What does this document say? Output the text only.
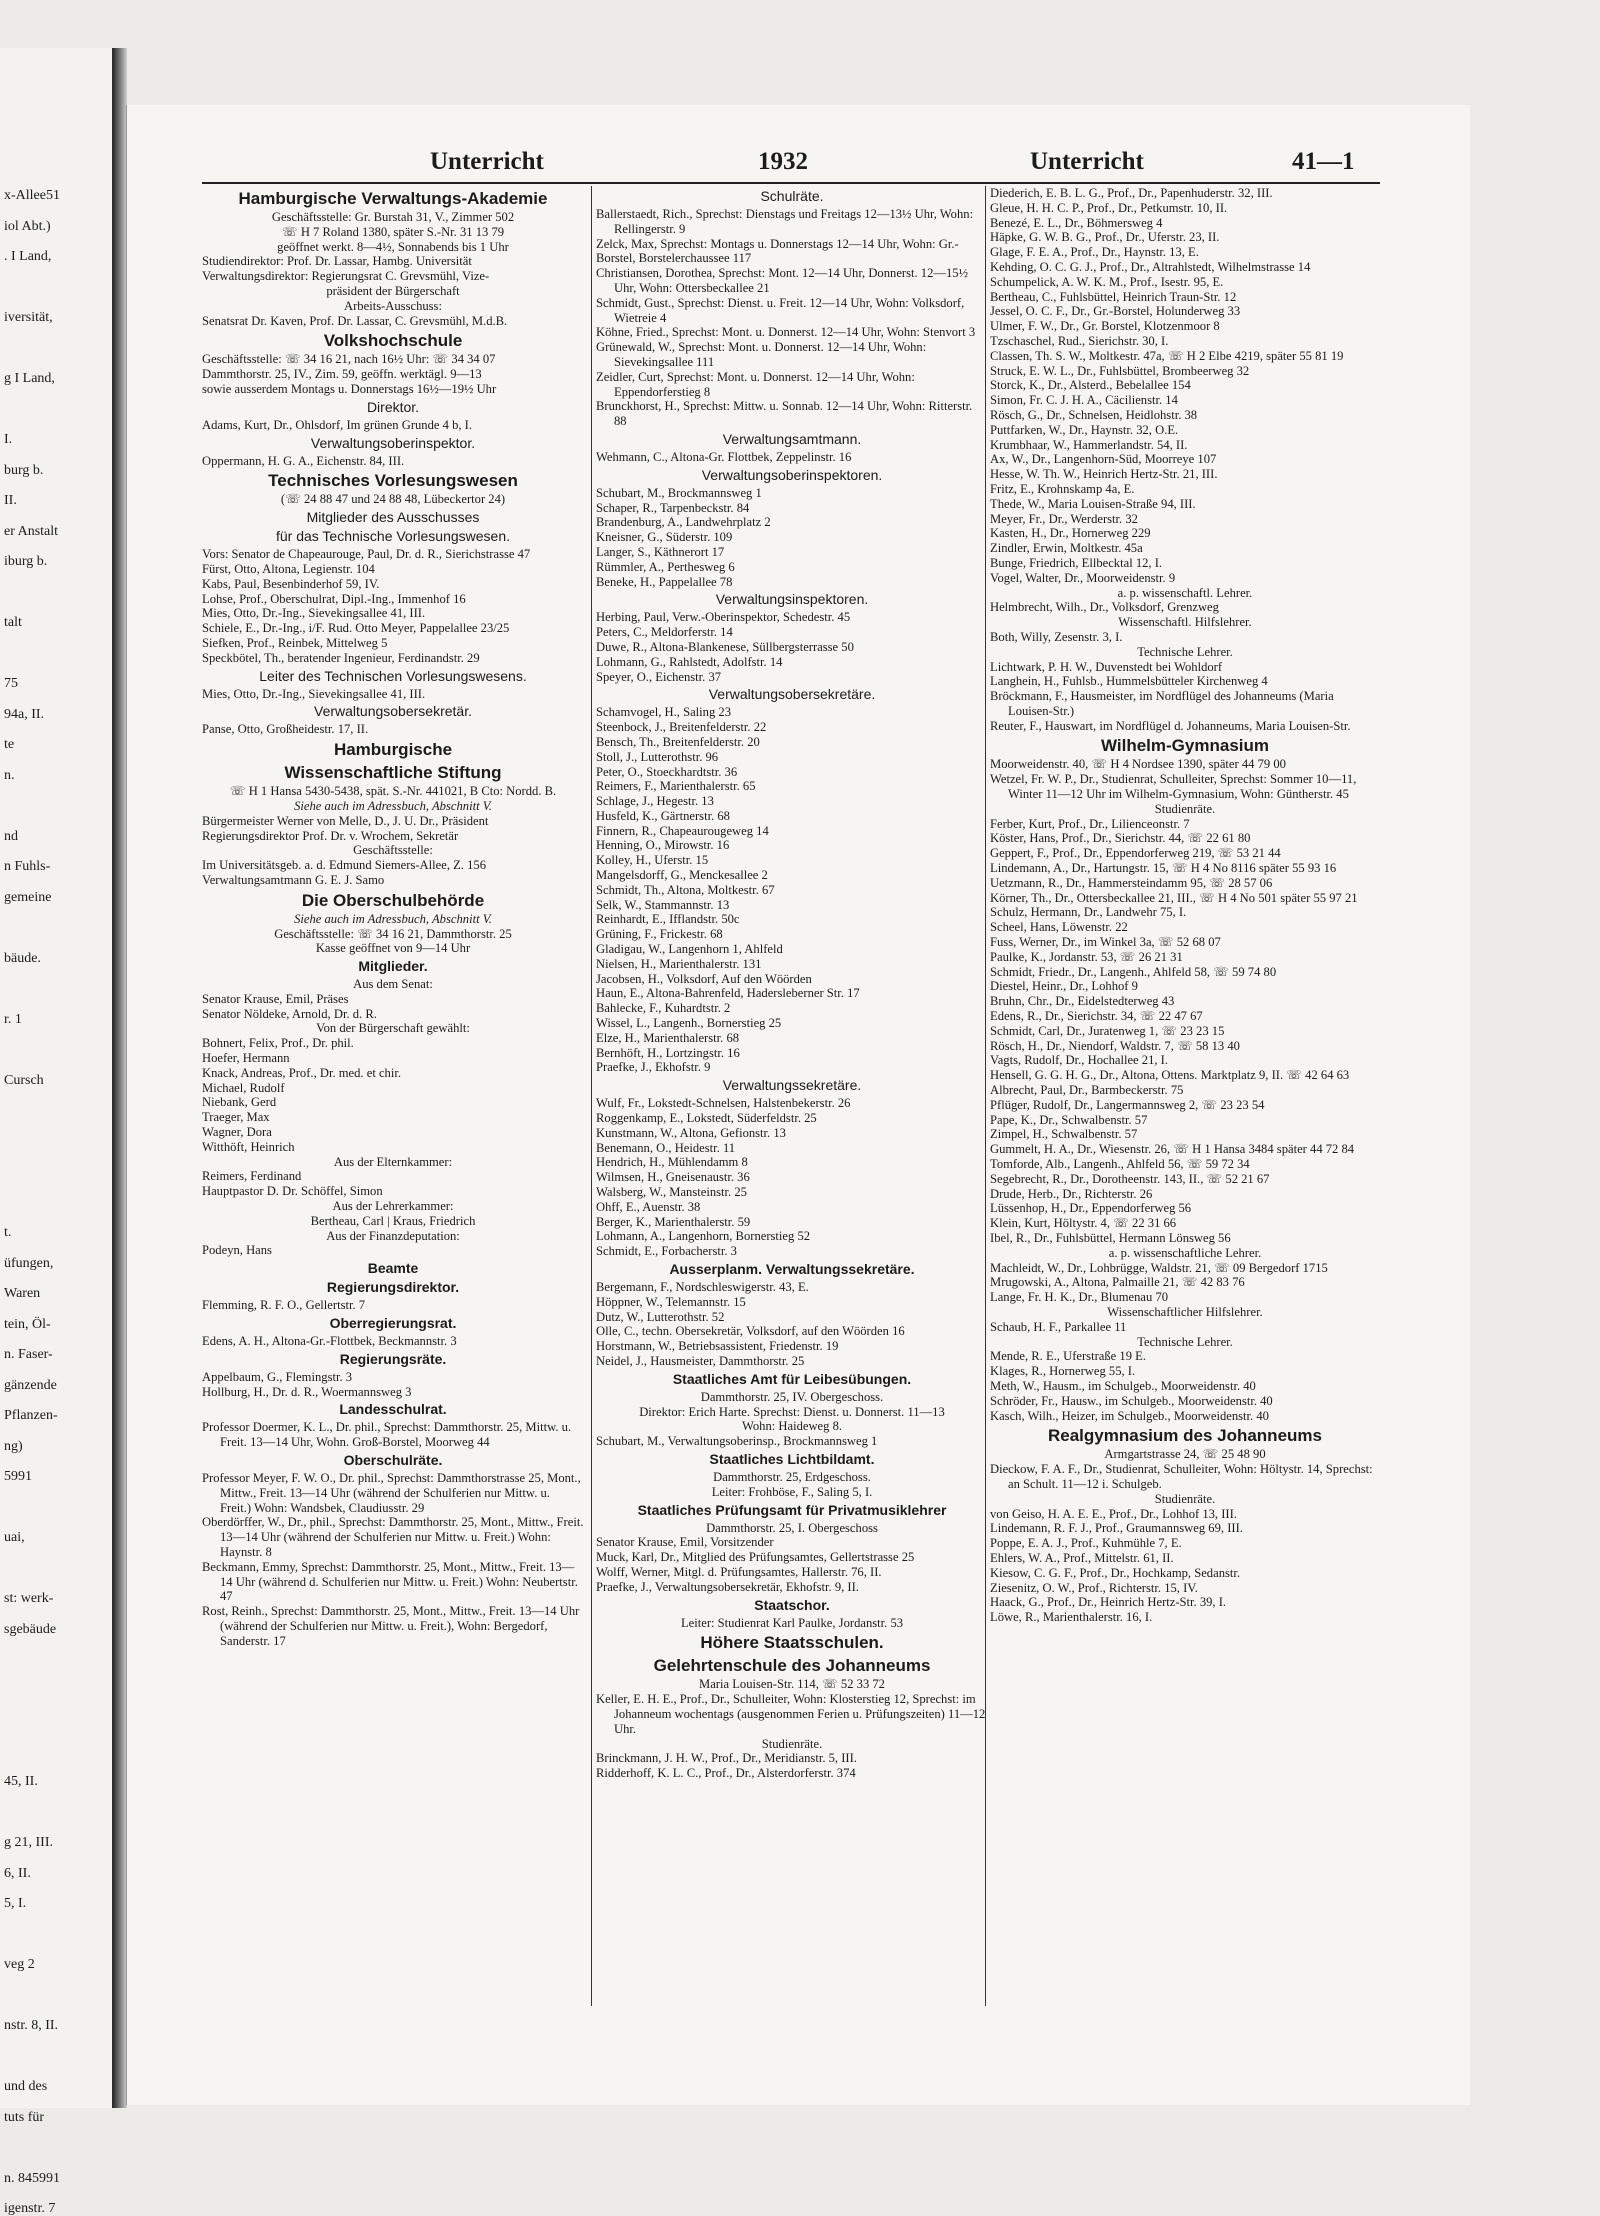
x-Allee51
iol Abt.)
. I Land,
iversität,
g I Land,
I.
burg b.
II.
er Anstalt
iburg b.
talt
75
94a, II.
te
n.
nd
n Fuhls-
gemeine
bäude.
r. 1
Cursch
t.
üfungen,
Waren
tein, Öl-
n. Faser-
gänzende
Pflanzen-
ng)
5991
uai,
st: werk-
sgebäude
45, II.
g 21, III.
6, II.
5, I.
veg 2
nstr. 8, II.
und des
tuts für
n. 845991
igenstr. 7
Unterricht	1932	Unterricht	41—1

Hamburgische Verwaltungs-Akademie

Geschäftsstelle: Gr. Burstah 31, V., Zimmer 502

☏ H 7 Roland 1380, später S.-Nr. 31 13 79

geöffnet werkt. 8—4½, Sonnabends bis 1 Uhr

Studiendirektor: Prof. Dr. Lassar, Hambg. Universität

Verwaltungsdirektor: Regierungsrat C. Grevsmühl, Vize-

präsident der Bürgerschaft

Arbeits-Ausschuss:

Senatsrat Dr. Kaven, Prof. Dr. Lassar, C. Grevsmühl, M.d.B.

Volkshochschule

Geschäftsstelle: ☏ 34 16 21, nach 16½ Uhr: ☏ 34 34 07

Dammthorstr. 25, IV., Zim. 59, geöffn. werktägl. 9—13

sowie ausserdem Montags u. Donnerstags 16½—19½ Uhr

Direktor.

Adams, Kurt, Dr., Ohlsdorf, Im grünen Grunde 4 b, I.

Verwaltungsoberinspektor.

Oppermann, H. G. A., Eichenstr. 84, III.

Technisches Vorlesungswesen

(☏ 24 88 47 und 24 88 48, Lübeckertor 24)

Mitglieder des Ausschusses

für das Technische Vorlesungswesen.

Vors: Senator de Chapeaurouge, Paul, Dr. d. R., Sierichstrasse 47

Fürst, Otto, Altona, Legienstr. 104

Kabs, Paul, Besenbinderhof 59, IV.

Lohse, Prof., Oberschulrat, Dipl.-Ing., Immenhof 16

Mies, Otto, Dr.-Ing., Sievekingsallee 41, III.

Schiele, E., Dr.-Ing., i/F. Rud. Otto Meyer, Pappelallee 23/25

Siefken, Prof., Reinbek, Mittelweg 5

Speckbötel, Th., beratender Ingenieur, Ferdinandstr. 29

Leiter des Technischen Vorlesungswesens.

Mies, Otto, Dr.-Ing., Sievekingsallee 41, III.

Verwaltungsobersekretär.

Panse, Otto, Großheidestr. 17, II.

Hamburgische

Wissenschaftliche Stiftung

☏ H 1 Hansa 5430-5438, spät. S.-Nr. 441021, B Cto: Nordd. B.

Siehe auch im Adressbuch, Abschnitt V.

Bürgermeister Werner von Melle, D., J. U. Dr., Präsident

Regierungsdirektor Prof. Dr. v. Wrochem, Sekretär

Geschäftsstelle:

Im Universitätsgeb. a. d. Edmund Siemers-Allee, Z. 156

Verwaltungsamtmann G. E. J. Samo

Die Oberschulbehörde

Siehe auch im Adressbuch, Abschnitt V.

Geschäftsstelle: ☏ 34 16 21, Dammthorstr. 25

Kasse geöffnet von 9—14 Uhr

Mitglieder.

Aus dem Senat:

Senator Krause, Emil, Präses

Senator Nöldeke, Arnold, Dr. d. R.

Von der Bürgerschaft gewählt:

Bohnert, Felix, Prof., Dr. phil.

Hoefer, Hermann

Knack, Andreas, Prof., Dr. med. et chir.

Michael, Rudolf

Niebank, Gerd

Traeger, Max

Wagner, Dora

Witthöft, Heinrich

Aus der Elternkammer:

Reimers, Ferdinand

Hauptpastor D. Dr. Schöffel, Simon

Aus der Lehrerkammer:

Bertheau, Carl | Kraus, Friedrich

Aus der Finanzdeputation:

Podeyn, Hans

Beamte

Regierungsdirektor.

Flemming, R. F. O., Gellertstr. 7

Oberregierungsrat.

Edens, A. H., Altona-Gr.-Flottbek, Beckmannstr. 3

Regierungsräte.

Appelbaum, G., Flemingstr. 3

Hollburg, H., Dr. d. R., Woermannsweg 3

Landesschulrat.

Professor Doermer, K. L., Dr. phil., Sprechst: Dammthorstr. 25, Mittw. u. Freit. 13—14 Uhr, Wohn. Groß-Borstel, Moorweg 44

Oberschulräte.

Professor Meyer, F. W. O., Dr. phil., Sprechst: Dammthorstrasse 25, Mont., Mittw., Freit. 13—14 Uhr (während der Schulferien nur Mittw. u. Freit.) Wohn: Wandsbek, Claudiusstr. 29

Oberdörffer, W., Dr., phil., Sprechst: Dammthorstr. 25, Mont., Mittw., Freit. 13—14 Uhr (während der Schulferien nur Mittw. u. Freit.) Wohn: Haynstr. 8

Beckmann, Emmy, Sprechst: Dammthorstr. 25, Mont., Mittw., Freit. 13—14 Uhr (während d. Schulferien nur Mittw. u. Freit.) Wohn: Neubertstr. 47

Rost, Reinh., Sprechst: Dammthorstr. 25, Mont., Mittw., Freit. 13—14 Uhr (während der Schulferien nur Mittw. u. Freit.), Wohn: Bergedorf, Sanderstr. 17

Schulräte.

Ballerstaedt, Rich., Sprechst: Dienstags und Freitags 12—13½ Uhr, Wohn: Rellingerstr. 9

Zelck, Max, Sprechst: Montags u. Donnerstags 12—14 Uhr, Wohn: Gr.-Borstel, Borstelerchaussee 117

Christiansen, Dorothea, Sprechst: Mont. 12—14 Uhr, Donnerst. 12—15½ Uhr, Wohn: Ottersbeckallee 21

Schmidt, Gust., Sprechst: Dienst. u. Freit. 12—14 Uhr, Wohn: Volksdorf, Wietreie 4

Köhne, Fried., Sprechst: Mont. u. Donnerst. 12—14 Uhr, Wohn: Stenvort 3

Grünewald, W., Sprechst: Mont. u. Donnerst. 12—14 Uhr, Wohn: Sievekingsallee 111

Zeidler, Curt, Sprechst: Mont. u. Donnerst. 12—14 Uhr, Wohn: Eppendorferstieg 8

Brunckhorst, H., Sprechst: Mittw. u. Sonnab. 12—14 Uhr, Wohn: Ritterstr. 88

Verwaltungsamtmann.

Wehmann, C., Altona-Gr. Flottbek, Zeppelinstr. 16

Verwaltungsoberinspektoren.

Schubart, M., Brockmannsweg 1

Schaper, R., Tarpenbeckstr. 84

Brandenburg, A., Landwehrplatz 2

Kneisner, G., Süderstr. 109

Langer, S., Käthnerort 17

Rümmler, A., Perthesweg 6

Beneke, H., Pappelallee 78

Verwaltungsinspektoren.

Herbing, Paul, Verw.-Oberinspektor, Schedestr. 45

Peters, C., Meldorferstr. 14

Duwe, R., Altona-Blankenese, Süllbergsterrasse 50

Lohmann, G., Rahlstedt, Adolfstr. 14

Speyer, O., Eichenstr. 37

Verwaltungsobersekretäre.

Schamvogel, H., Saling 23

Steenbock, J., Breitenfelderstr. 22

Bensch, Th., Breitenfelderstr. 20

Stoll, J., Lutterothstr. 96

Peter, O., Stoeckhardtstr. 36

Reimers, F., Marienthalerstr. 65

Schlage, J., Hegestr. 13

Husfeld, K., Gärtnerstr. 68

Finnern, R., Chapeaurougeweg 14

Henning, O., Mirowstr. 16

Kolley, H., Uferstr. 15

Mangelsdorff, G., Menckesallee 2

Schmidt, Th., Altona, Moltkestr. 67

Selk, W., Stammannstr. 13

Reinhardt, E., Ifflandstr. 50c

Grüning, F., Frickestr. 68

Gladigau, W., Langenhorn 1, Ahlfeld

Nielsen, H., Marienthalerstr. 131

Jacobsen, H., Volksdorf, Auf den Wöörden

Haun, E., Altona-Bahrenfeld, Hadersleberner Str. 17

Bahlecke, F., Kuhardtstr. 2

Wissel, L., Langenh., Bornerstieg 25

Elze, H., Marienthalerstr. 68

Bernhöft, H., Lortzingstr. 16

Praefke, J., Ekhofstr. 9

Verwaltungssekretäre.

Wulf, Fr., Lokstedt-Schnelsen, Halstenbekerstr. 26

Roggenkamp, E., Lokstedt, Süderfeldstr. 25

Kunstmann, W., Altona, Gefionstr. 13

Benemann, O., Heidestr. 11

Hendrich, H., Mühlendamm 8

Wilmsen, H., Gneisenaustr. 36

Walsberg, W., Mansteinstr. 25

Ohff, E., Auenstr. 38

Berger, K., Marienthalerstr. 59

Lohmann, A., Langenhorn, Bornerstieg 52

Schmidt, E., Forbacherstr. 3

Ausserplanm. Verwaltungssekretäre.

Bergemann, F., Nordschleswigerstr. 43, E.

Höppner, W., Telemannstr. 15

Dutz, W., Lutterothstr. 52

Olle, C., techn. Obersekretär, Volksdorf, auf den Wöörden 16

Horstmann, W., Betriebsassistent, Friedenstr. 19

Neidel, J., Hausmeister, Dammthorstr. 25

Staatliches Amt für Leibesübungen.

Dammthorstr. 25, IV. Obergeschoss.

Direktor: Erich Harte. Sprechst: Dienst. u. Donnerst. 11—13

Wohn: Haideweg 8.

Schubart, M., Verwaltungsoberinsp., Brockmannsweg 1

Staatliches Lichtbildamt.

Dammthorstr. 25, Erdgeschoss.

Leiter: Frohböse, F., Saling 5, I.

Staatliches Prüfungsamt für Privatmusiklehrer

Dammthorstr. 25, I. Obergeschoss

Senator Krause, Emil, Vorsitzender

Muck, Karl, Dr., Mitglied des Prüfungsamtes, Gellertstrasse 25

Wolff, Werner, Mitgl. d. Prüfungsamtes, Hallerstr. 76, II.

Praefke, J., Verwaltungsobersekretär, Ekhofstr. 9, II.

Staatschor.

Leiter: Studienrat Karl Paulke, Jordanstr. 53

Höhere Staatsschulen.

Gelehrtenschule des Johanneums

Maria Louisen-Str. 114, ☏ 52 33 72

Keller, E. H. E., Prof., Dr., Schulleiter, Wohn: Klosterstieg 12, Sprechst: im Johanneum wochentags (ausgenommen Ferien u. Prüfungszeiten) 11—12 Uhr.

Studienräte.

Brinckmann, J. H. W., Prof., Dr., Meridianstr. 5, III.

Ridderhoff, K. L. C., Prof., Dr., Alsterdorferstr. 374

Diederich, E. B. L. G., Prof., Dr., Papenhuderstr. 32, III.

Gleue, H. H. C. P., Prof., Dr., Petkumstr. 10, II.

Benezé, E. L., Dr., Böhmersweg 4

Häpke, G. W. B. G., Prof., Dr., Uferstr. 23, II.

Glage, F. E. A., Prof., Dr., Haynstr. 13, E.

Kehding, O. C. G. J., Prof., Dr., Altrahlstedt, Wilhelmstrasse 14

Schumpelick, A. W. K. M., Prof., Isestr. 95, E.

Bertheau, C., Fuhlsbüttel, Heinrich Traun-Str. 12

Jessel, O. C. F., Dr., Gr.-Borstel, Holunderweg 33

Ulmer, F. W., Dr., Gr. Borstel, Klotzenmoor 8

Tzschaschel, Rud., Sierichstr. 30, I.

Classen, Th. S. W., Moltkestr. 47a, ☏ H 2 Elbe 4219, später 55 81 19

Struck, E. W. L., Dr., Fuhlsbüttel, Brombeerweg 32

Storck, K., Dr., Alsterd., Bebelallee 154

Simon, Fr. C. J. H. A., Cäcilienstr. 14

Rösch, G., Dr., Schnelsen, Heidlohstr. 38

Puttfarken, W., Dr., Haynstr. 32, O.E.

Krumbhaar, W., Hammerlandstr. 54, II.

Ax, W., Dr., Langenhorn-Süd, Moorreye 107

Hesse, W. Th. W., Heinrich Hertz-Str. 21, III.

Fritz, E., Krohnskamp 4a, E.

Thede, W., Maria Louisen-Straße 94, III.

Meyer, Fr., Dr., Werderstr. 32

Kasten, H., Dr., Hornerweg 229

Zindler, Erwin, Moltkestr. 45a

Bunge, Friedrich, Ellbecktal 12, I.

Vogel, Walter, Dr., Moorweidenstr. 9

a. p. wissenschaftl. Lehrer.

Helmbrecht, Wilh., Dr., Volksdorf, Grenzweg

Wissenschaftl. Hilfslehrer.

Both, Willy, Zesenstr. 3, I.

Technische Lehrer.

Lichtwark, P. H. W., Duvenstedt bei Wohldorf

Langhein, H., Fuhlsb., Hummelsbütteler Kirchenweg 4

Bröckmann, F., Hausmeister, im Nordflügel des Johanneums (Maria Louisen-Str.)

Reuter, F., Hauswart, im Nordflügel d. Johanneums, Maria Louisen-Str.

Wilhelm-Gymnasium

Moorweidenstr. 40, ☏ H 4 Nordsee 1390, später 44 79 00

Wetzel, Fr. W. P., Dr., Studienrat, Schulleiter, Sprechst: Sommer 10—11, Winter 11—12 Uhr im Wilhelm-Gymnasium, Wohn: Güntherstr. 45

Studienräte.

Ferber, Kurt, Prof., Dr., Lilienceonstr. 7

Köster, Hans, Prof., Dr., Sierichstr. 44, ☏ 22 61 80

Geppert, F., Prof., Dr., Eppendorferweg 219, ☏ 53 21 44

Lindemann, A., Dr., Hartungstr. 15, ☏ H 4 No 8116 später 55 93 16

Uetzmann, R., Dr., Hammersteindamm 95, ☏ 28 57 06

Körner, Th., Dr., Ottersbeckallee 21, III., ☏ H 4 No 501 später 55 97 21

Schulz, Hermann, Dr., Landwehr 75, I.

Scheel, Hans, Löwenstr. 22

Fuss, Werner, Dr., im Winkel 3a, ☏ 52 68 07

Paulke, K., Jordanstr. 53, ☏ 26 21 31

Schmidt, Friedr., Dr., Langenh., Ahlfeld 58, ☏ 59 74 80

Diestel, Heinr., Dr., Lohhof 9

Bruhn, Chr., Dr., Eidelstedterweg 43

Edens, R., Dr., Sierichstr. 34, ☏ 22 47 67

Schmidt, Carl, Dr., Juratenweg 1, ☏ 23 23 15

Rösch, H., Dr., Niendorf, Waldstr. 7, ☏ 58 13 40

Vagts, Rudolf, Dr., Hochallee 21, I.

Hensell, G. G. H. G., Dr., Altona, Ottens. Marktplatz 9, II. ☏ 42 64 63

Albrecht, Paul, Dr., Barmbeckerstr. 75

Pflüger, Rudolf, Dr., Langermannsweg 2, ☏ 23 23 54

Pape, K., Dr., Schwalbenstr. 57

Zimpel, H., Schwalbenstr. 57

Gummelt, H. A., Dr., Wiesenstr. 26, ☏ H 1 Hansa 3484 später 44 72 84

Tomforde, Alb., Langenh., Ahlfeld 56, ☏ 59 72 34

Segebrecht, R., Dr., Dorotheenstr. 143, II., ☏ 52 21 67

Drude, Herb., Dr., Richterstr. 26

Lüssenhop, H., Dr., Eppendorferweg 56

Klein, Kurt, Höltystr. 4, ☏ 22 31 66

Ibel, R., Dr., Fuhlsbüttel, Hermann Lönsweg 56

a. p. wissenschaftliche Lehrer.

Machleidt, W., Dr., Lohbrügge, Waldstr. 21, ☏ 09 Bergedorf 1715

Mrugowski, A., Altona, Palmaille 21, ☏ 42 83 76

Lange, Fr. H. K., Dr., Blumenau 70

Wissenschaftlicher Hilfslehrer.

Schaub, H. F., Parkallee 11

Technische Lehrer.

Mende, R. E., Uferstraße 19 E.

Klages, R., Hornerweg 55, I.

Meth, W., Hausm., im Schulgeb., Moorweidenstr. 40

Schröder, Fr., Hausw., im Schulgeb., Moorweidenstr. 40

Kasch, Wilh., Heizer, im Schulgeb., Moorweidenstr. 40

Realgymnasium des Johanneums

Armgartstrasse 24, ☏ 25 48 90

Dieckow, F. A. F., Dr., Studienrat, Schulleiter, Wohn: Höltystr. 14, Sprechst: an Schult. 11—12 i. Schulgeb.

Studienräte.

von Geiso, H. A. E. E., Prof., Dr., Lohhof 13, III.

Lindemann, R. F. J., Prof., Graumannsweg 69, III.

Poppe, E. A. J., Prof., Kuhmühle 7, E.

Ehlers, W. A., Prof., Mittelstr. 61, II.

Kiesow, C. G. F., Prof., Dr., Hochkamp, Sedanstr.

Ziesenitz, O. W., Prof., Richterstr. 15, IV.

Haack, G., Prof., Dr., Heinrich Hertz-Str. 39, I.

Löwe, R., Marienthalerstr. 16, I.
